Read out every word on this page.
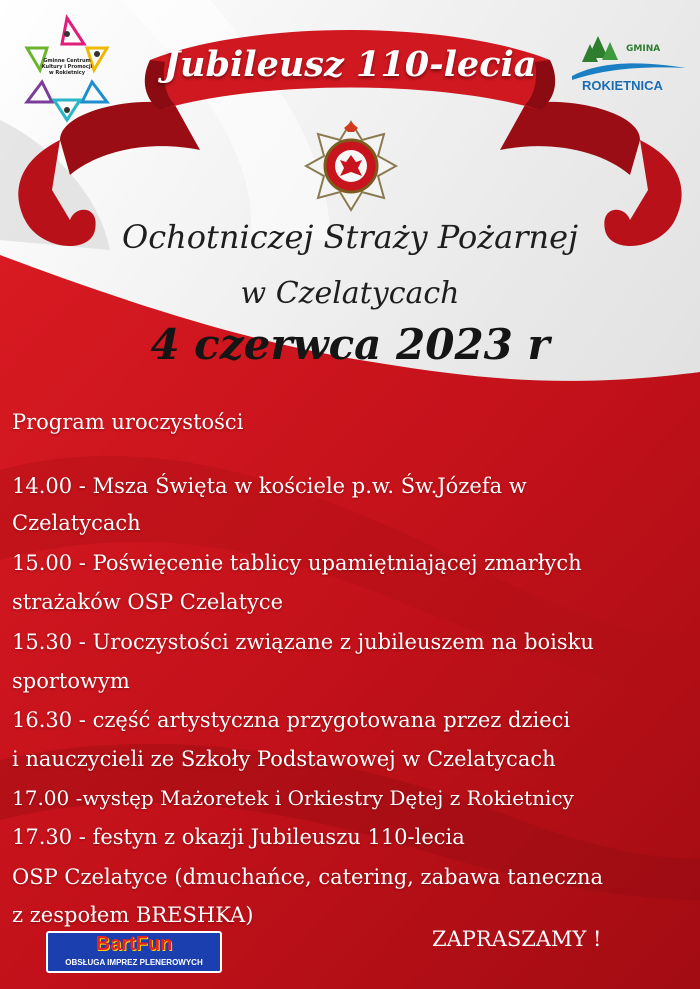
Jubileusz 110-lecia
Gminne Centrum Kultury i Promocji w Rokietnicy
GMINA
ROKIETNICA
Ochotniczej Straży Pożarnej
w Czelatycach
4 czerwca 2023 r
Program uroczystości
14.00 - Msza Święta w kościele p.w. Św.Józefa w
Czelatycach
15.00 - Poświęcenie tablicy upamiętniającej zmarłych
strażaków OSP Czelatyce
15.30 - Uroczystości związane z jubileuszem na boisku
sportowym
16.30 - część artystyczna przygotowana przez dzieci
i nauczycieli ze Szkoły Podstawowej w Czelatycach
17.00 -występ Mażoretek i Orkiestry Dętej z Rokietnicy
17.30 - festyn z okazji Jubileuszu 110-lecia
OSP Czelatyce (dmuchańce, catering, zabawa taneczna
z zespołem BRESHKA)
ZAPRASZAMY !
BartFun
OBSŁUGA IMPREZ PLENEROWYCH
